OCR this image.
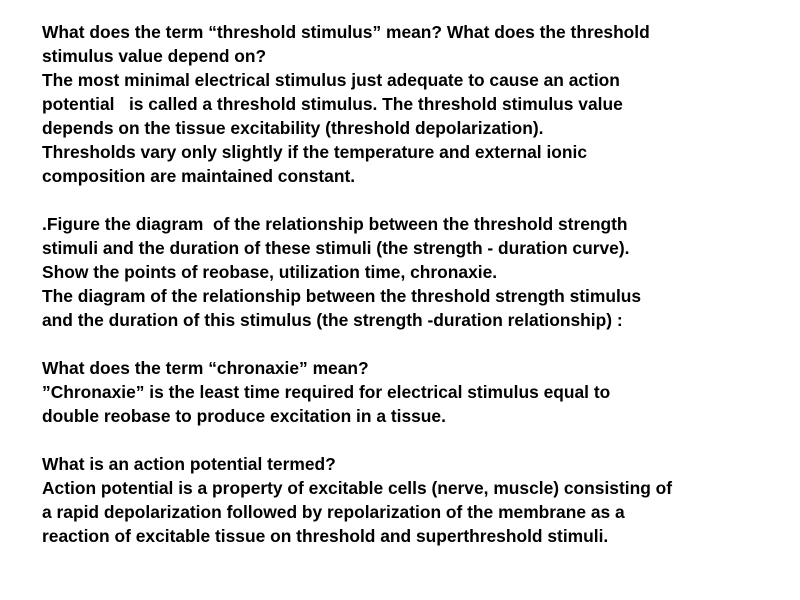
What does the term “threshold stimulus” mean? What does the threshold
stimulus value depend on?
The most minimal electrical stimulus just adequate to cause an action
potential   is called a threshold stimulus. The threshold stimulus value
depends on the tissue excitability (threshold depolarization).
Thresholds vary only slightly if the temperature and external ionic
composition are maintained constant.
.Figure the diagram  of the relationship between the threshold strength
stimuli and the duration of these stimuli (the strength - duration curve).
Show the points of reobase, utilization time, chronaxie.
The diagram of the relationship between the threshold strength stimulus
and the duration of this stimulus (the strength -duration relationship) :
What does the term “chronaxie” mean?
”Chronaxie” is the least time required for electrical stimulus equal to
double reobase to produce excitation in a tissue.
What is an action potential termed?
Action potential is a property of excitable cells (nerve, muscle) consisting of
a rapid depolarization followed by repolarization of the membrane as a
reaction of excitable tissue on threshold and superthreshold stimuli.
